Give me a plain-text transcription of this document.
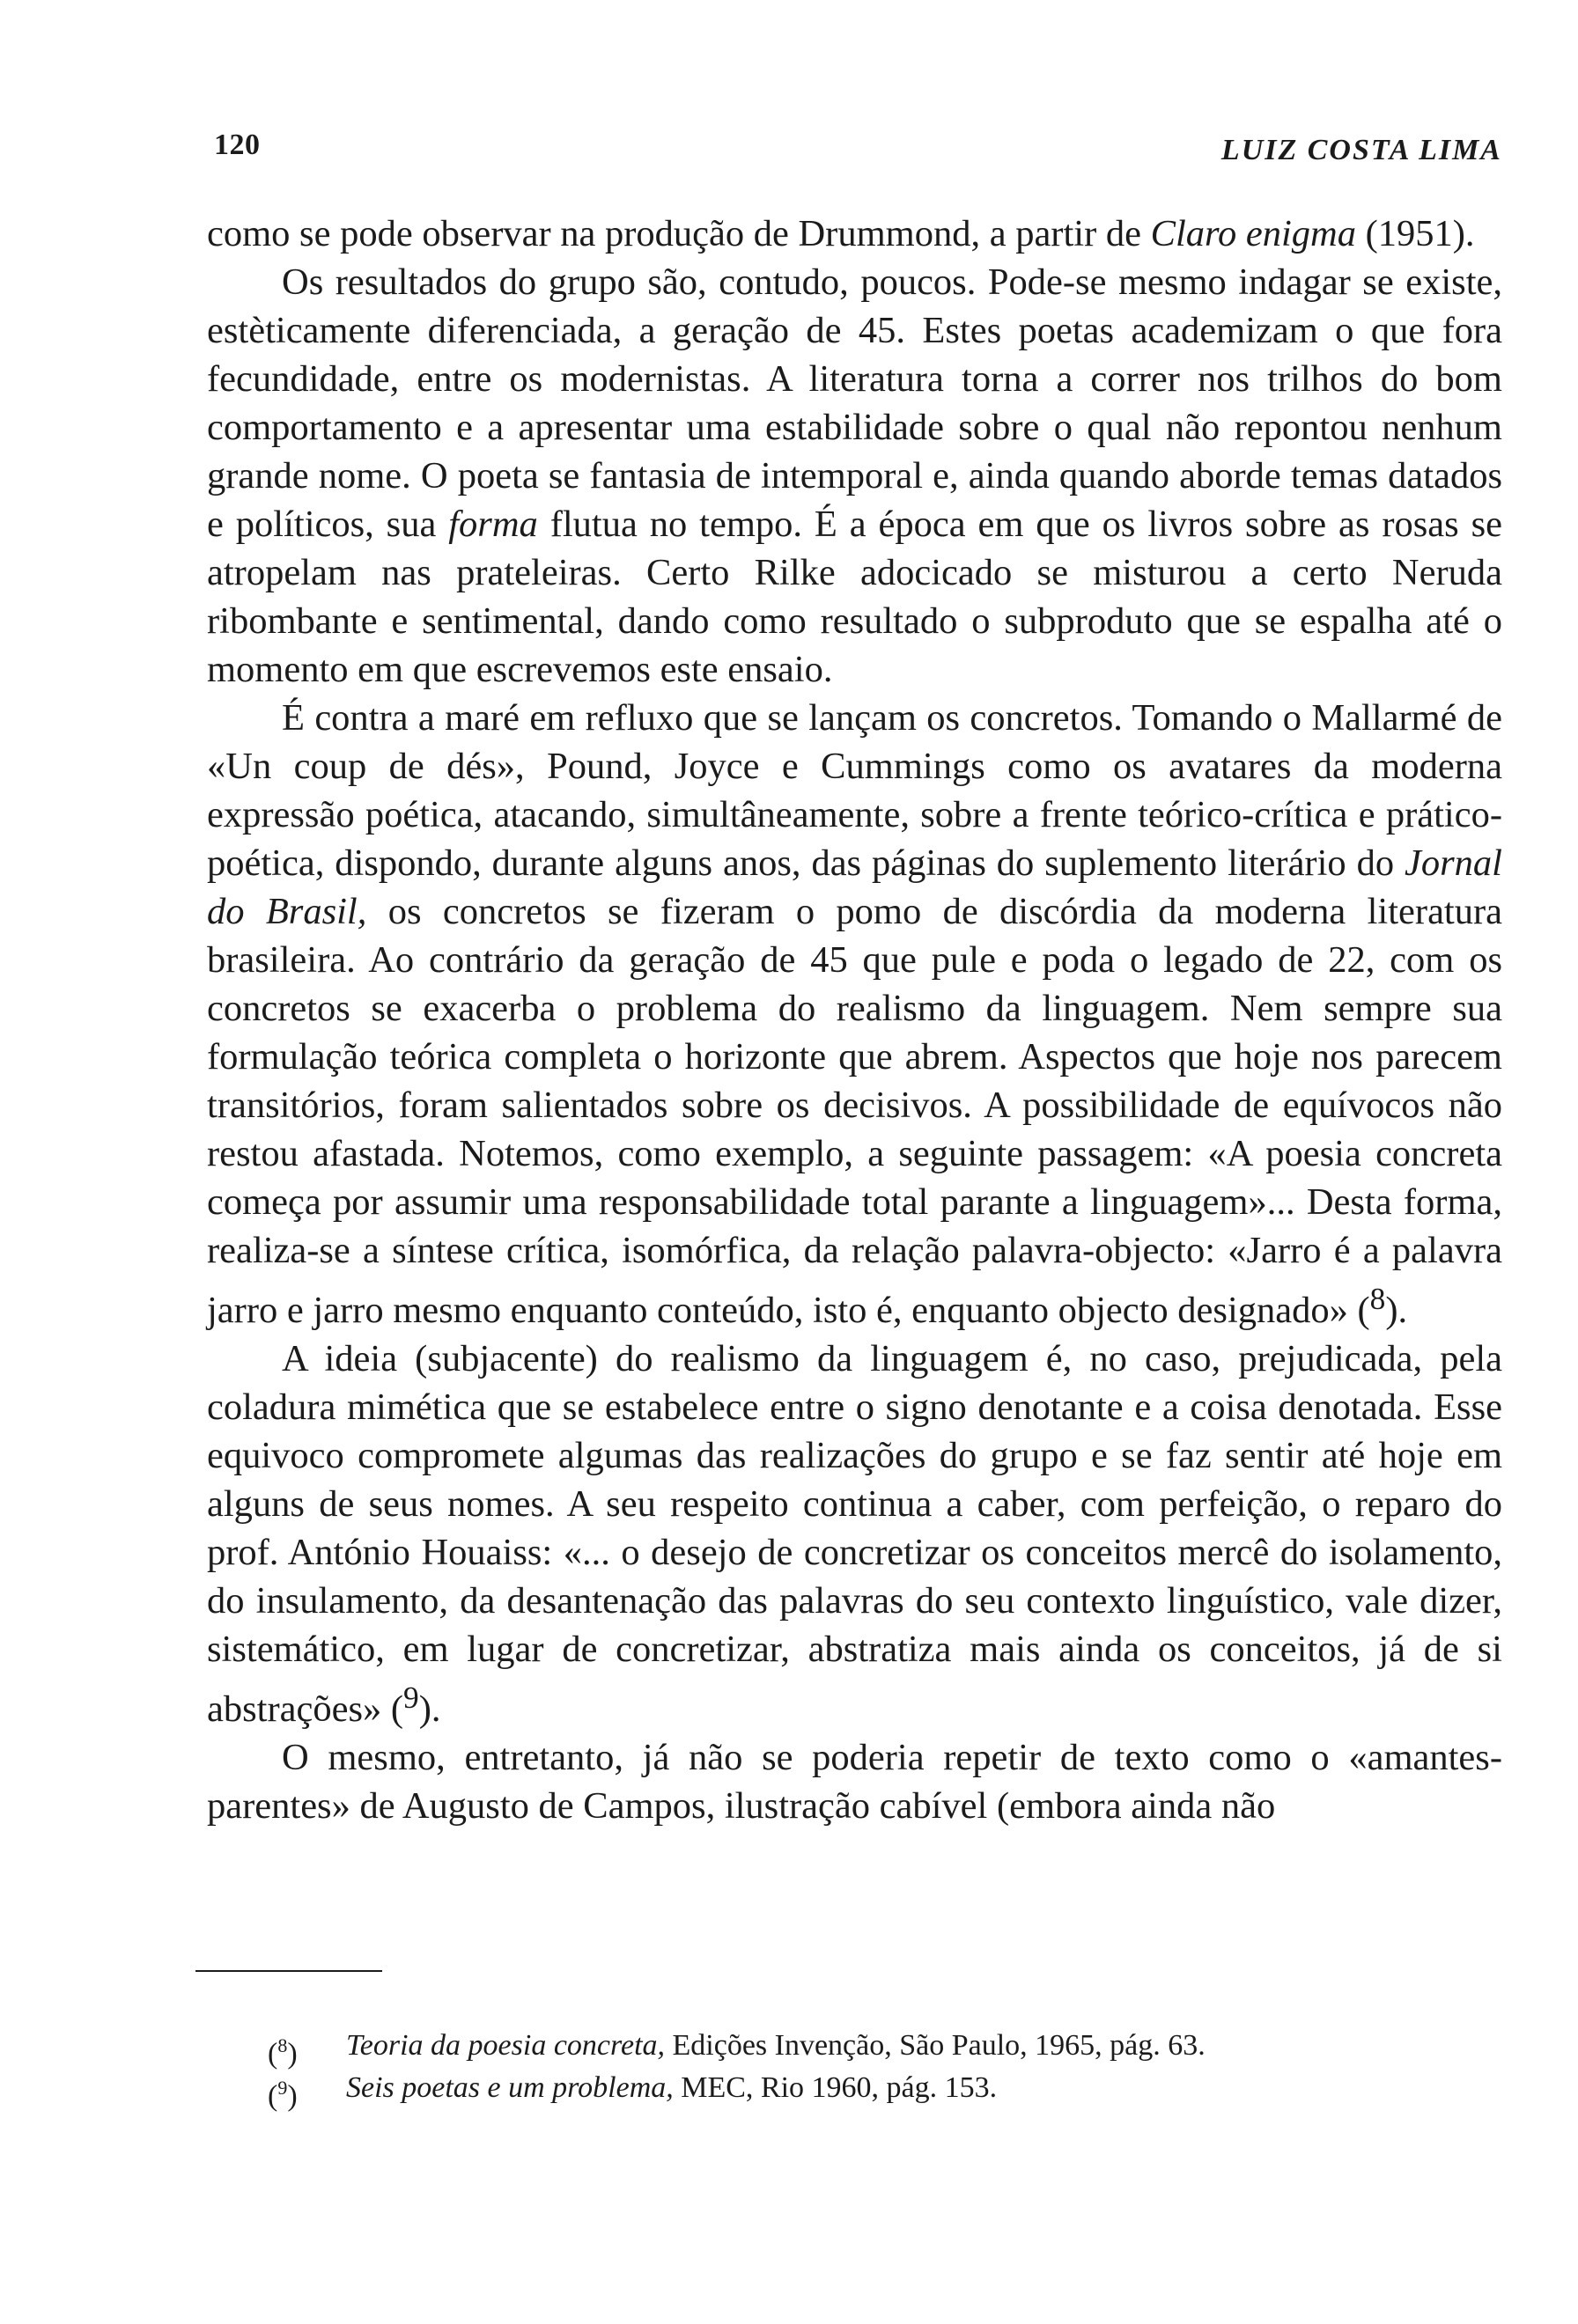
120	LUIZ COSTA LIMA

como se pode observar na produção de Drummond, a partir de Claro enigma (1951).

Os resultados do grupo são, contudo, poucos. Pode-se mesmo indagar se existe, estèticamente diferenciada, a geração de 45. Estes poetas academizam o que fora fecundidade, entre os modernistas. A literatura torna a correr nos trilhos do bom comportamento e a apresentar uma estabilidade sobre o qual não repontou nenhum grande nome. O poeta se fantasia de intemporal e, ainda quando aborde temas datados e políticos, sua forma flutua no tempo. É a época em que os livros sobre as rosas se atropelam nas prateleiras. Certo Rilke adocicado se misturou a certo Neruda ribombante e sentimental, dando como resultado o subproduto que se espalha até o momento em que escrevemos este ensaio.

É contra a maré em refluxo que se lançam os concretos. Tomando o Mallarmé de «Un coup de dés», Pound, Joyce e Cummings como os avatares da moderna expressão poética, atacando, simultâneamente, sobre a frente teórico-crítica e prático-poética, dispondo, durante alguns anos, das páginas do suplemento literário do Jornal do Brasil, os concretos se fizeram o pomo de discórdia da moderna literatura brasileira. Ao contrário da geração de 45 que pule e poda o legado de 22, com os concretos se exacerba o problema do realismo da linguagem. Nem sempre sua formulação teórica completa o horizonte que abrem. Aspectos que hoje nos parecem transitórios, foram salientados sobre os decisivos. A possibilidade de equívocos não restou afastada. Notemos, como exemplo, a seguinte passagem: «A poesia concreta começa por assumir uma responsabilidade total parante a linguagem»... Desta forma, realiza-se a síntese crítica, isomórfica, da relação palavra-objecto: «Jarro é a palavra jarro e jarro mesmo enquanto conteúdo, isto é, enquanto objecto designado» ($^8$).

A ideia (subjacente) do realismo da linguagem é, no caso, prejudicada, pela coladura mimética que se estabelece entre o signo denotante e a coisa denotada. Esse equivoco compromete algumas das realizações do grupo e se faz sentir até hoje em alguns de seus nomes. A seu respeito continua a caber, com perfeição, o reparo do prof. António Houaiss: «... o desejo de concretizar os conceitos mercê do isolamento, do insulamento, da desantenação das palavras do seu contexto linguístico, vale dizer, sistemático, em lugar de concretizar, abstratiza mais ainda os conceitos, já de si abstrações» ($^9$).

O mesmo, entretanto, já não se poderia repetir de texto como o «amantes-parentes» de Augusto de Campos, ilustração cabível (embora ainda não

($^8$)	Teoria da poesia concreta, Edições Invenção, São Paulo, 1965, pág. 63.

($^9$)	Seis poetas e um problema, MEC, Rio 1960, pág. 153.
